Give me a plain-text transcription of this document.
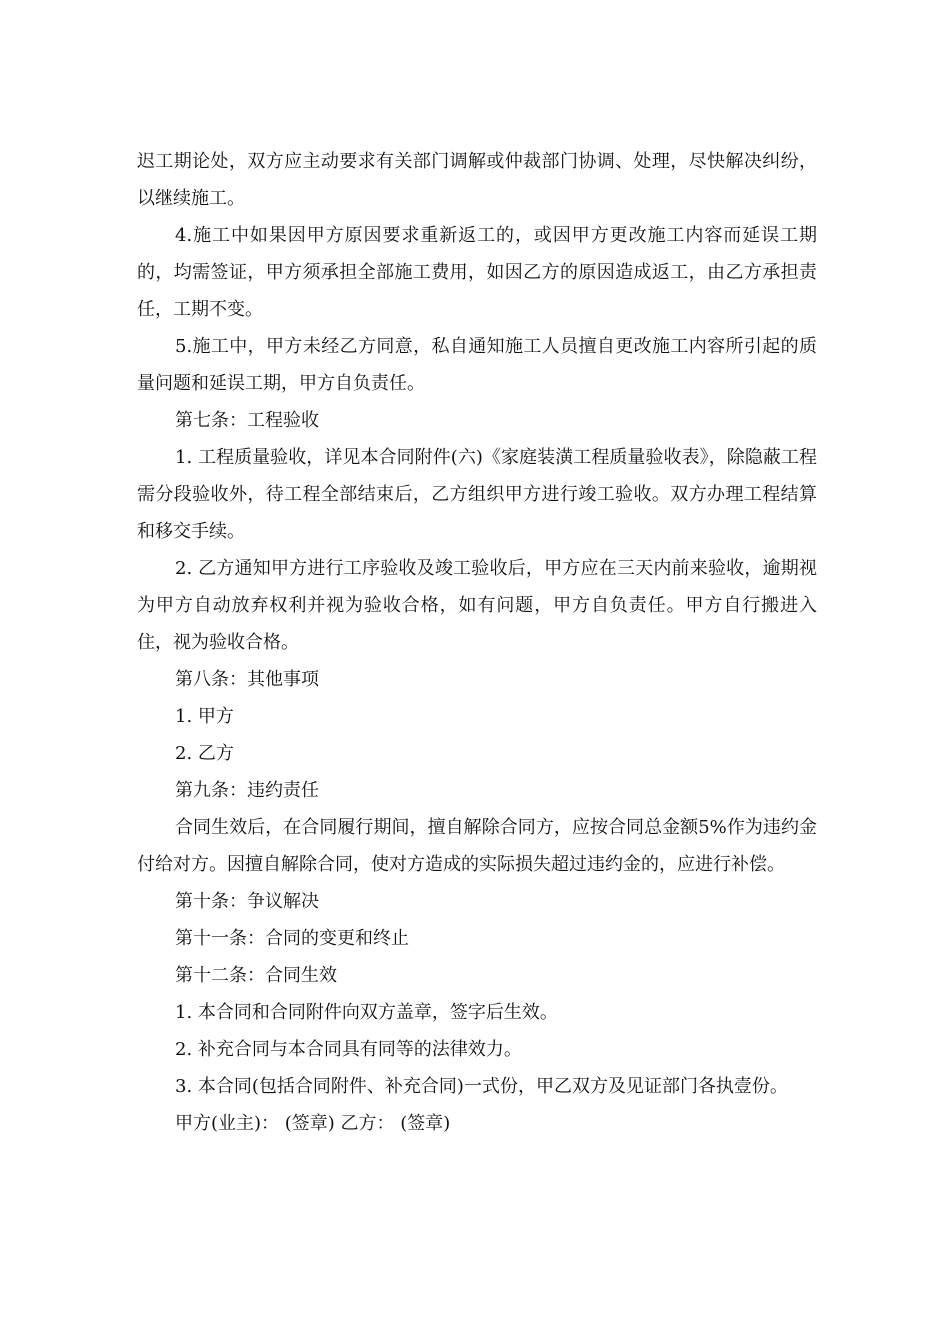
迟工期论处，双方应主动要求有关部门调解或仲裁部门协调、处理，尽快解决纠纷，以继续施工。

4.施工中如果因甲方原因要求重新返工的，或因甲方更改施工内容而延误工期的，均需签证，甲方须承担全部施工费用，如因乙方的原因造成返工，由乙方承担责任，工期不变。

5.施工中，甲方未经乙方同意，私自通知施工人员擅自更改施工内容所引起的质量问题和延误工期，甲方自负责任。

第七条：工程验收

1. 工程质量验收，详见本合同附件(六)《家庭装潢工程质量验收表》，除隐蔽工程需分段验收外，待工程全部结束后，乙方组织甲方进行竣工验收。双方办理工程结算和移交手续。

2. 乙方通知甲方进行工序验收及竣工验收后，甲方应在三天内前来验收，逾期视为甲方自动放弃权利并视为验收合格，如有问题，甲方自负责任。甲方自行搬进入住，视为验收合格。

第八条：其他事项

1. 甲方

2. 乙方

第九条：违约责任

合同生效后，在合同履行期间，擅自解除合同方，应按合同总金额5%作为违约金付给对方。因擅自解除合同，使对方造成的实际损失超过违约金的，应进行补偿。

第十条：争议解决

第十一条：合同的变更和终止

第十二条：合同生效

1. 本合同和合同附件向双方盖章，签字后生效。

2. 补充合同与本合同具有同等的法律效力。

3. 本合同(包括合同附件、补充合同)一式份，甲乙双方及见证部门各执壹份。

甲方(业主)： (签章) 乙方： (签章)
